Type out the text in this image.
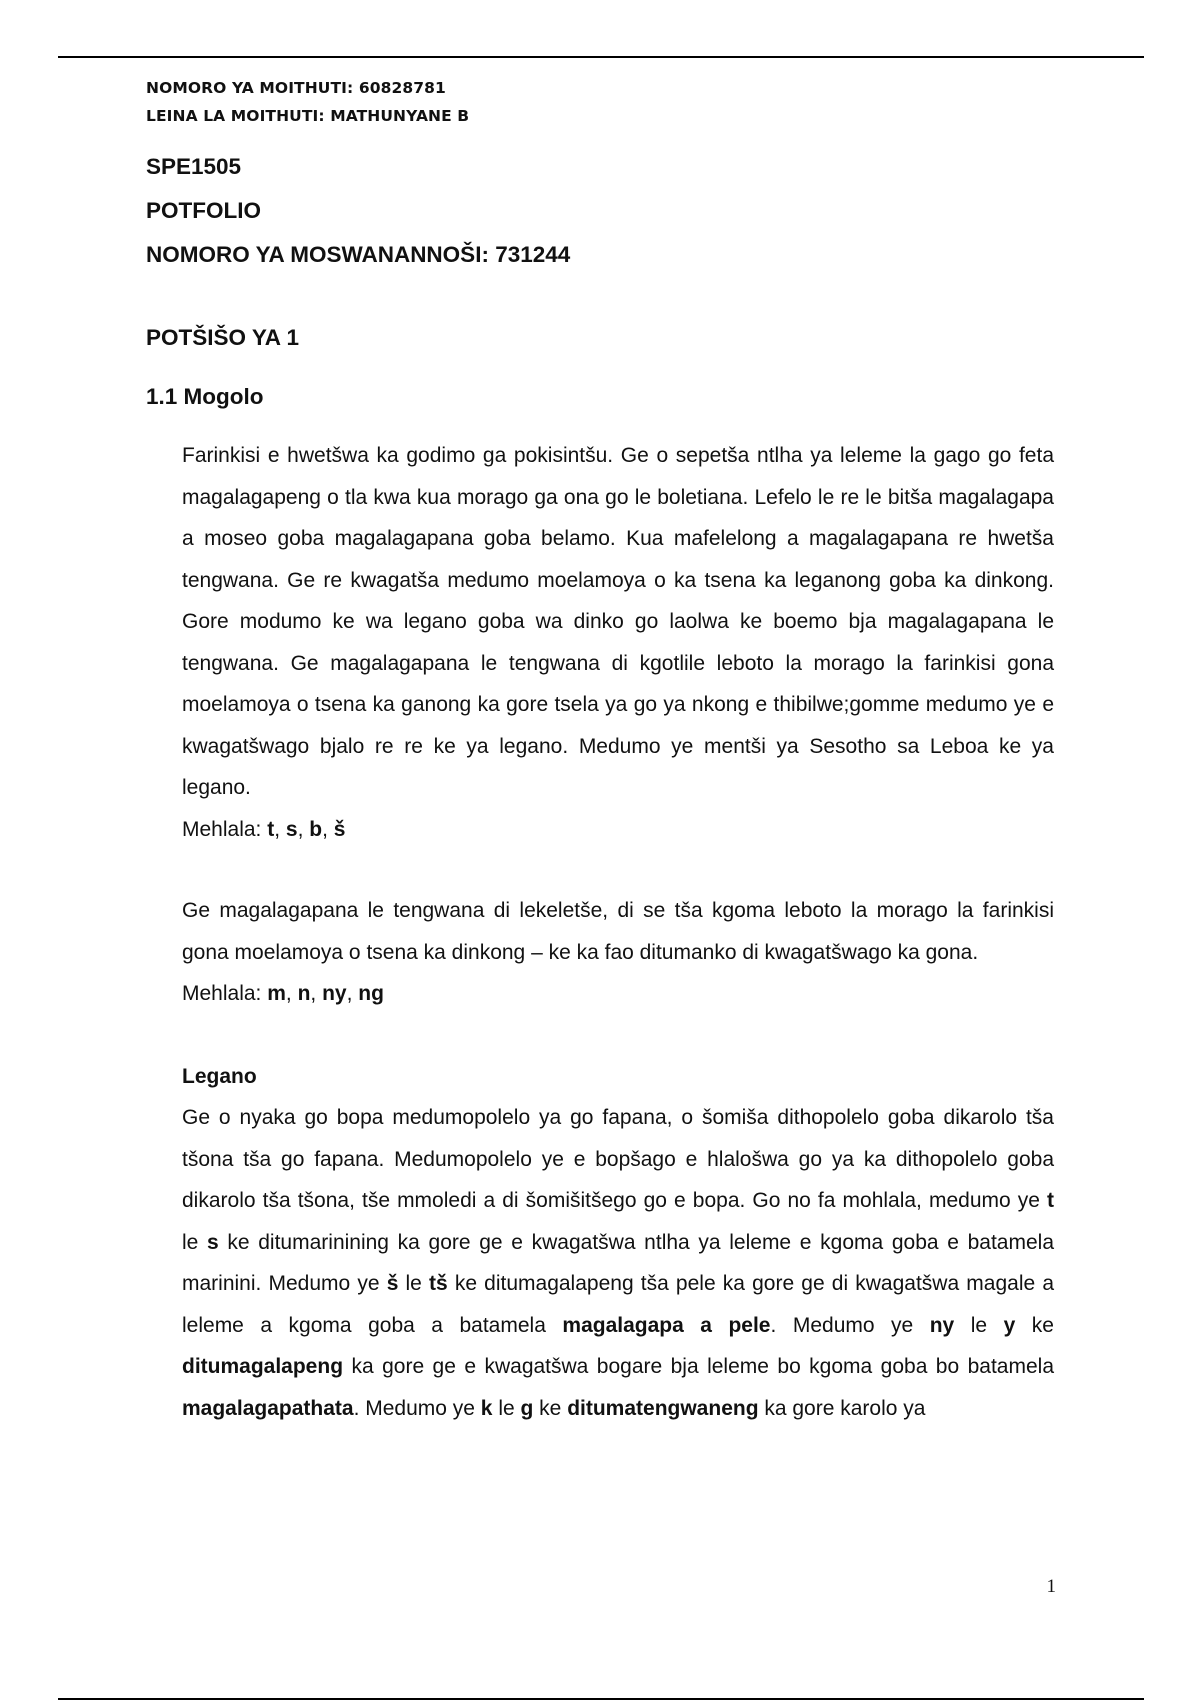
NOMORO YA MOITHUTI: 60828781
LEINA LA MOITHUTI: MATHUNYANE B
SPE1505
POTFOLIO
NOMORO YA MOSWANANNOŠI: 731244
POTŠIŠO YA 1
1.1 Mogolo

Farinkisi e hwetšwa ka godimo ga pokisintšu. Ge o sepetša ntlha ya leleme la gago go feta magalagapeng o tla kwa kua morago ga ona go le boletiana. Lefelo le re le bitša magalagapa a moseo goba magalagapana goba belamo. Kua mafelelong a magalagapana re hwetša tengwana. Ge re kwagatša medumo moelamoya o ka tsena ka leganong goba ka dinkong. Gore modumo ke wa legano goba wa dinko go laolwa ke boemo bja magalagapana le tengwana. Ge magalagapana le tengwana di kgotlile leboto la morago la farinkisi gona moelamoya o tsena ka ganong ka gore tsela ya go ya nkong e thibilwe;gomme medumo ye e kwagatšwago bjalo re re ke ya legano. Medumo ye mentši ya Sesotho sa Leboa ke ya legano.

Mehlala: t, s, b, š

Ge magalagapana le tengwana di lekeletše, di se tša kgoma leboto la morago la farinkisi gona moelamoya o tsena ka dinkong – ke ka fao ditumanko di kwagatšwago ka gona.

Mehlala: m, n, ny, ng
Legano

Ge o nyaka go bopa medumopolelo ya go fapana, o šomiša dithopolelo goba dikarolo tša tšona tša go fapana. Medumopolelo ye e bopšago e hlalošwa go ya ka dithopolelo goba dikarolo tša tšona, tše mmoledi a di šomišitšego go e bopa. Go no fa mohlala, medumo ye t le s ke ditumarinining ka gore ge e kwagatšwa ntlha ya leleme e kgoma goba e batamela marinini. Medumo ye š le tš ke ditumagalapeng tša pele ka gore ge di kwagatšwa magale a leleme a kgoma goba a batamela magalagapa a pele. Medumo ye ny le y ke ditumagalapeng ka gore ge e kwagatšwa bogare bja leleme bo kgoma goba bo batamela magalagapathata. Medumo ye k le g ke ditumatengwaneng ka gore karolo ya

1
